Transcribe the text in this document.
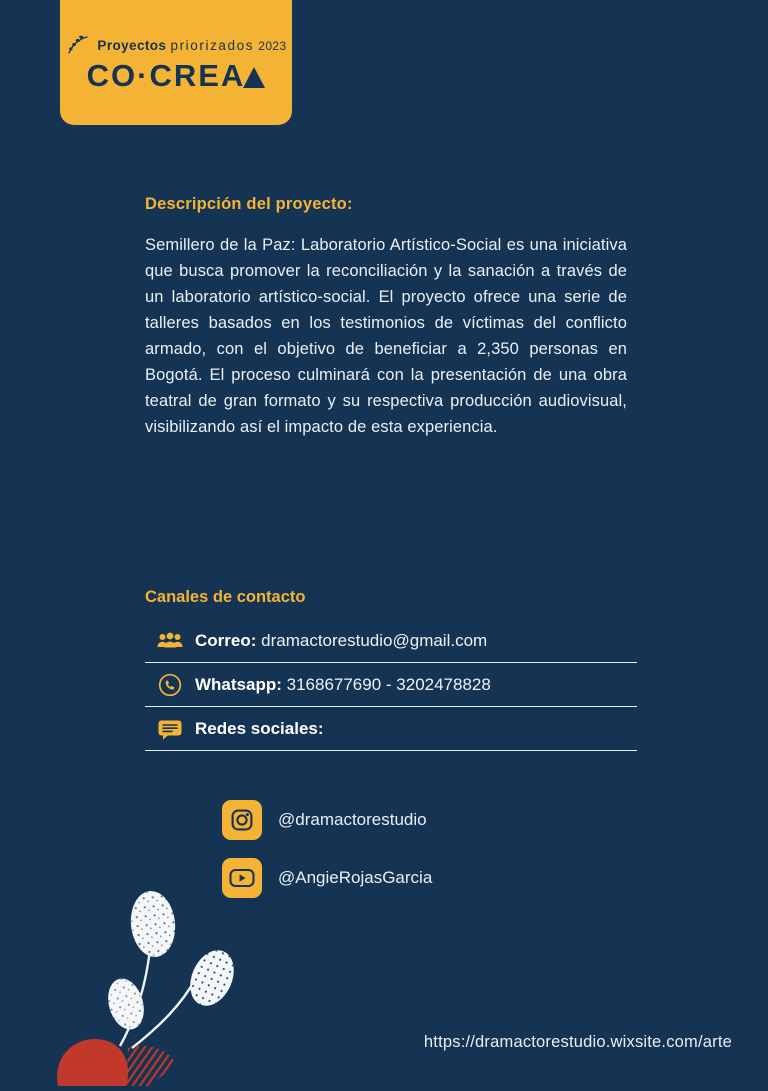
Proyectos priorizados 2023
CO·CREA
Descripción del proyecto:

Semillero de la Paz: Laboratorio Artístico-Social es una iniciativa que busca promover la reconciliación y la sanación a través de un laboratorio artístico-social. El proyecto ofrece una serie de talleres basados en los testimonios de víctimas del conflicto armado, con el objetivo de beneficiar a 2,350 personas en Bogotá. El proceso culminará con la presentación de una obra teatral de gran formato y su respectiva producción audiovisual, visibilizando así el impacto de esta experiencia.

Canales de contacto
Correo: dramactorestudio@gmail.com
Whatsapp: 3168677690 - 3202478828
Redes sociales:
@dramactorestudio
@AngieRojasGarcia
https://dramactorestudio.wixsite.com/arte
